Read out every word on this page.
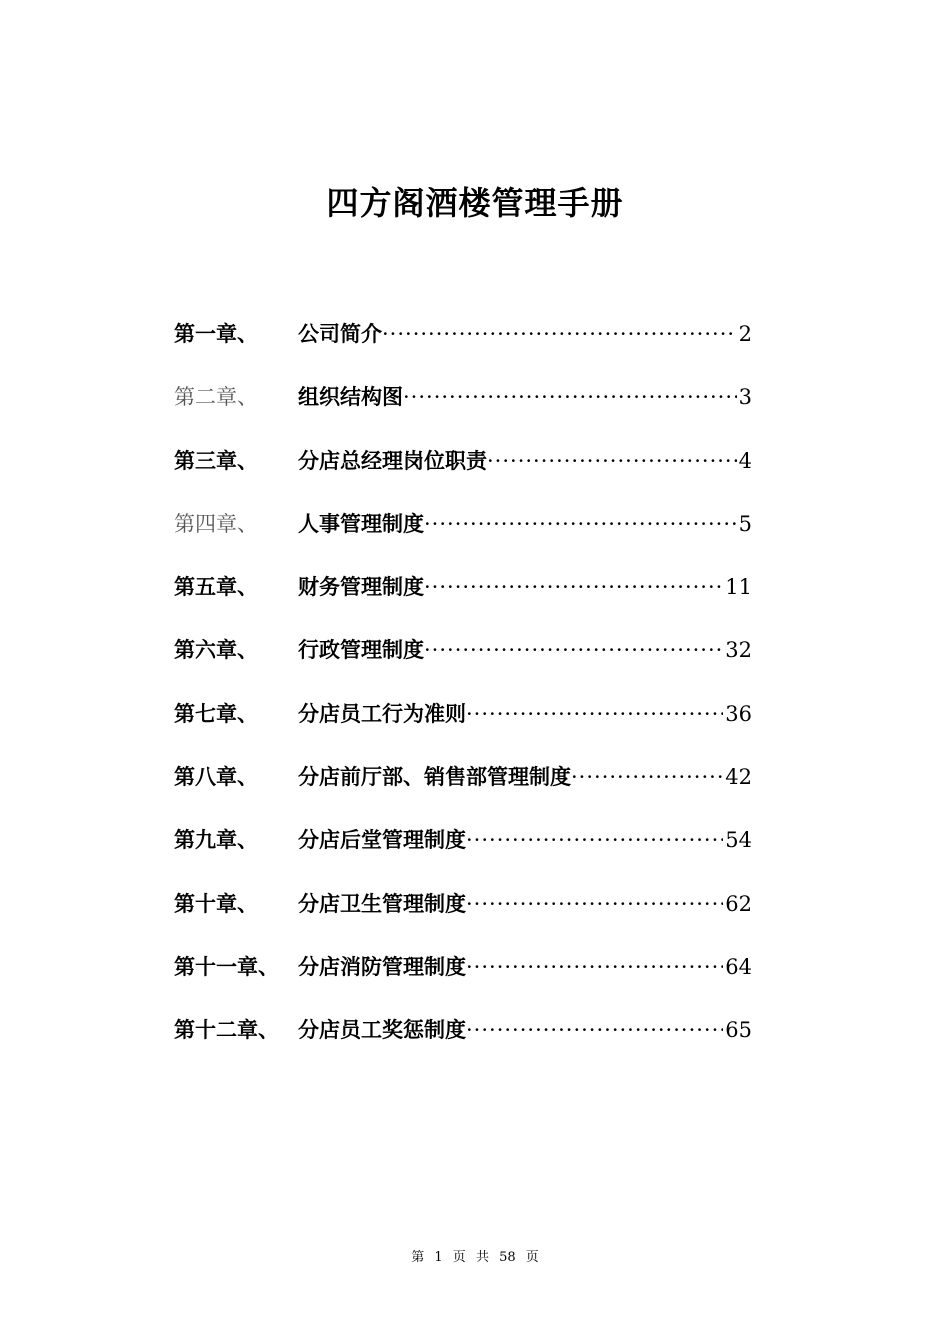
四方阁酒楼管理手册
第一章、	公司简介 ·····	2
第二章、	组织结构图 ·····	3
第三章、	分店总经理岗位职责 ·····	4
第四章、	人事管理制度 ·····	5
第五章、	财务管理制度 ·····	11
第六章、	行政管理制度 ·····	32
第七章、	分店员工行为准则 ·····	36
第八章、	分店前厅部、销售部管理制度 ·····	42
第九章、	分店后堂管理制度 ·····	54
第十章、	分店卫生管理制度 ·····	62
第十一章、 分店消防管理制度 ·····	64
第十二章、 分店员工奖惩制度 ·····	65
第 1 页 共 58 页
